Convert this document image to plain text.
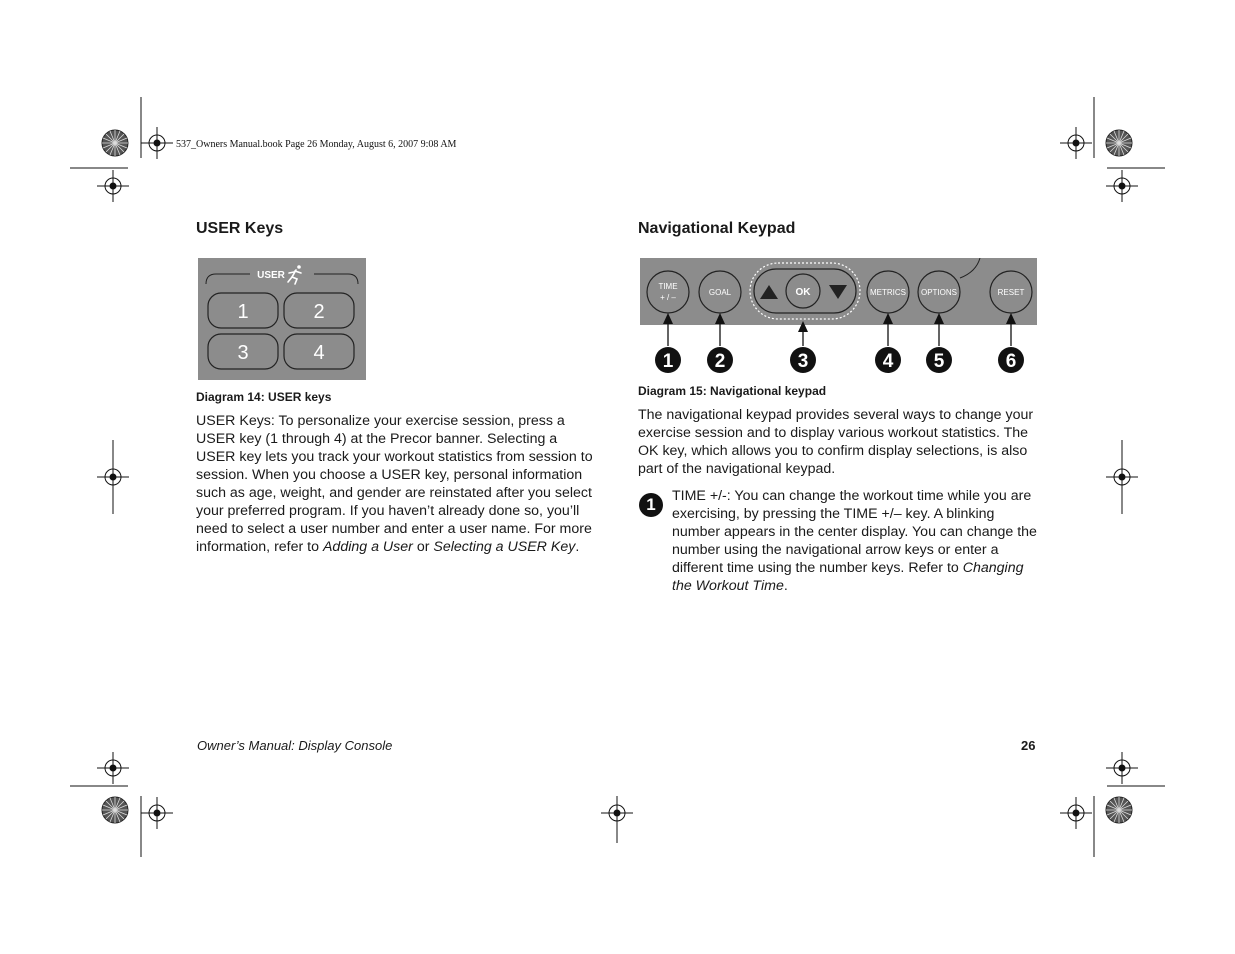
537_Owners Manual.book Page 26 Monday, August 6, 2007 9:08 AM
USER Keys
USER
1	2
3	4
Diagram 14: USER keys

USER Keys: To personalize your exercise session, press a USER key (1 through 4) at the Precor banner. Selecting a USER key lets you track your workout statistics from session to session. When you choose a USER key, personal information such as age, weight, and gender are reinstated after you select your preferred program. If you haven’t already done so, you’ll need to select a user number and enter a user name. For more information, refer to Adding a User or Selecting a USER Key.

Navigational Keypad
TIME
+ / –
GOAL	OK	METRICS OPTIONS	RESET
1 2	3	4 5	6
Diagram 15: Navigational keypad

The navigational keypad provides several ways to change your exercise session and to display various workout statistics. The OK key, which allows you to confirm display selections, is also part of the navigational keypad.

1	TIME +/-: You can change the workout time while you are exercising, by pressing the TIME +/– key. A blinking number appears in the center display. You can change the number using the navigational arrow keys or enter a different time using the number keys. Refer to Changing the Workout Time.

Owner’s Manual: Display Console	26
